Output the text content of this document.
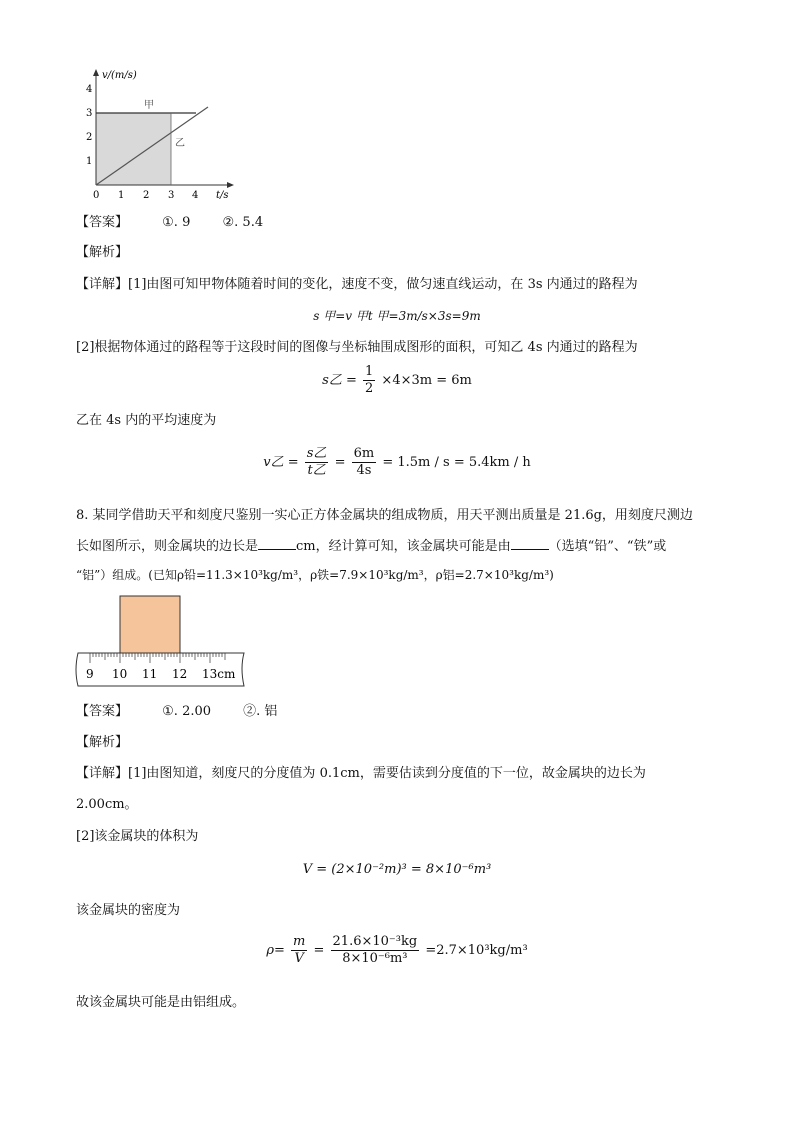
v/(m/s)
4
3
2
1
0 1 2 3 4 t/s
甲
乙
【答案】	①. 9 ②. 5.4
【解析】
【详解】[1]由图可知甲物体随着时间的变化，速度不变，做匀速直线运动，在 3s 内通过的路程为
s 甲=v 甲t 甲=3m/s×3s=9m
[2]根据物体通过的路程等于这段时间的图像与坐标轴围成图形的面积，可知乙 4s 内通过的路程为
s乙 = $\frac{1}{2} \times 4\times 3m = 6m$
乙在 4s 内的平均速度为
v乙 = $\frac{\text{s乙}}{\text{t乙}} = \frac{6m}{4s} = 1.5m / s = 5.4km / h$
8. 某同学借助天平和刻度尺鉴别一实心正方体金属块的组成物质，用天平测出质量是 21.6g，用刻度尺测边
长如图所示，则金属块的边长是	cm，经计算可知，该金属块可能是由	（选填“铅”、“铁”或
“铝”）组成。(已知ρ铅=11.3×10³kg/m³，ρ铁=7.9×10³kg/m³，ρ铝=2.7×10³kg/m³)
9 10 11 12 13cm
【答案】	①. 2.00 ②. 铝
【解析】
【详解】[1]由图知道，刻度尺的分度值为 0.1cm，需要估读到分度值的下一位，故金属块的边长为
2.00cm。
[2]该金属块的体积为
V = (2×10⁻²m)³ = 8×10⁻⁶m³
该金属块的密度为
$\rho= \frac{m}{V} = \frac{\text{21.6×10⁻³kg}}{\text{8×10⁻⁶m³}} =2.7\times 10^3kg/m^3$
故该金属块可能是由铝组成。
